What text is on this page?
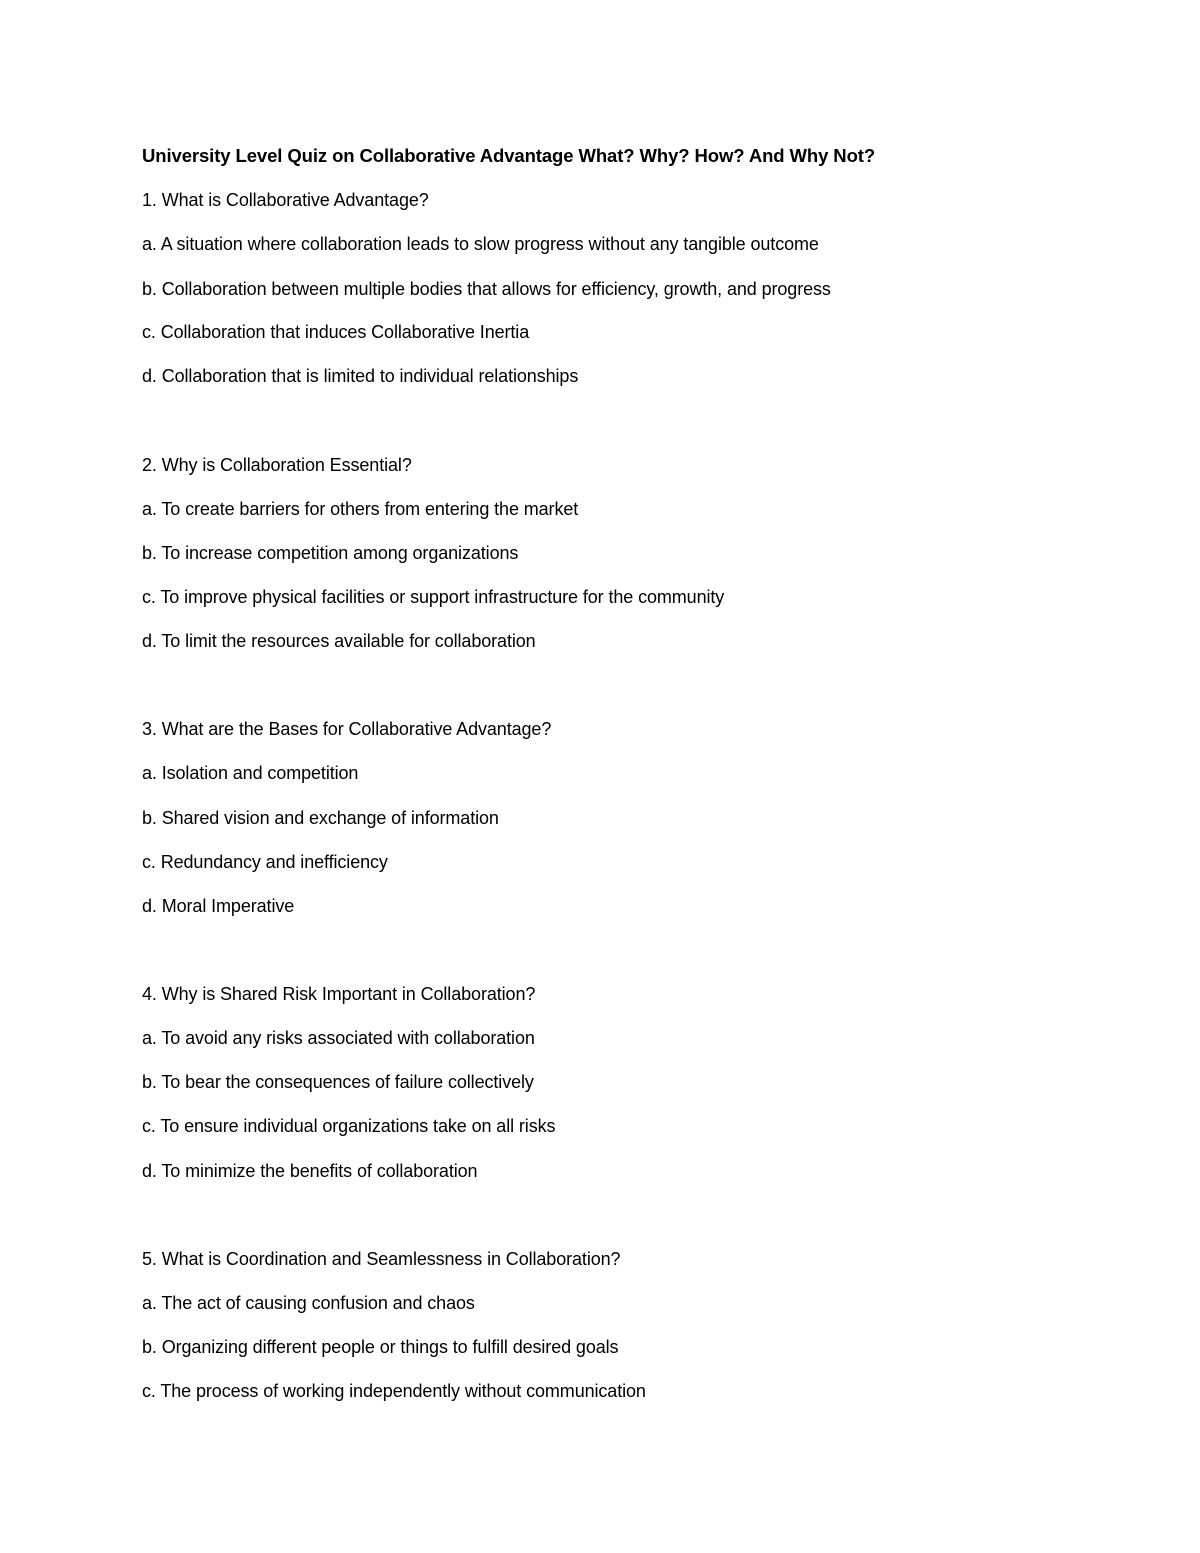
University Level Quiz on Collaborative Advantage What? Why? How? And Why Not?
1. What is Collaborative Advantage?
a. A situation where collaboration leads to slow progress without any tangible outcome
b. Collaboration between multiple bodies that allows for efficiency, growth, and progress
c. Collaboration that induces Collaborative Inertia
d. Collaboration that is limited to individual relationships
2. Why is Collaboration Essential?
a. To create barriers for others from entering the market
b. To increase competition among organizations
c. To improve physical facilities or support infrastructure for the community
d. To limit the resources available for collaboration
3. What are the Bases for Collaborative Advantage?
a. Isolation and competition
b. Shared vision and exchange of information
c. Redundancy and inefficiency
d. Moral Imperative
4. Why is Shared Risk Important in Collaboration?
a. To avoid any risks associated with collaboration
b. To bear the consequences of failure collectively
c. To ensure individual organizations take on all risks
d. To minimize the benefits of collaboration
5. What is Coordination and Seamlessness in Collaboration?
a. The act of causing confusion and chaos
b. Organizing different people or things to fulfill desired goals
c. The process of working independently without communication
